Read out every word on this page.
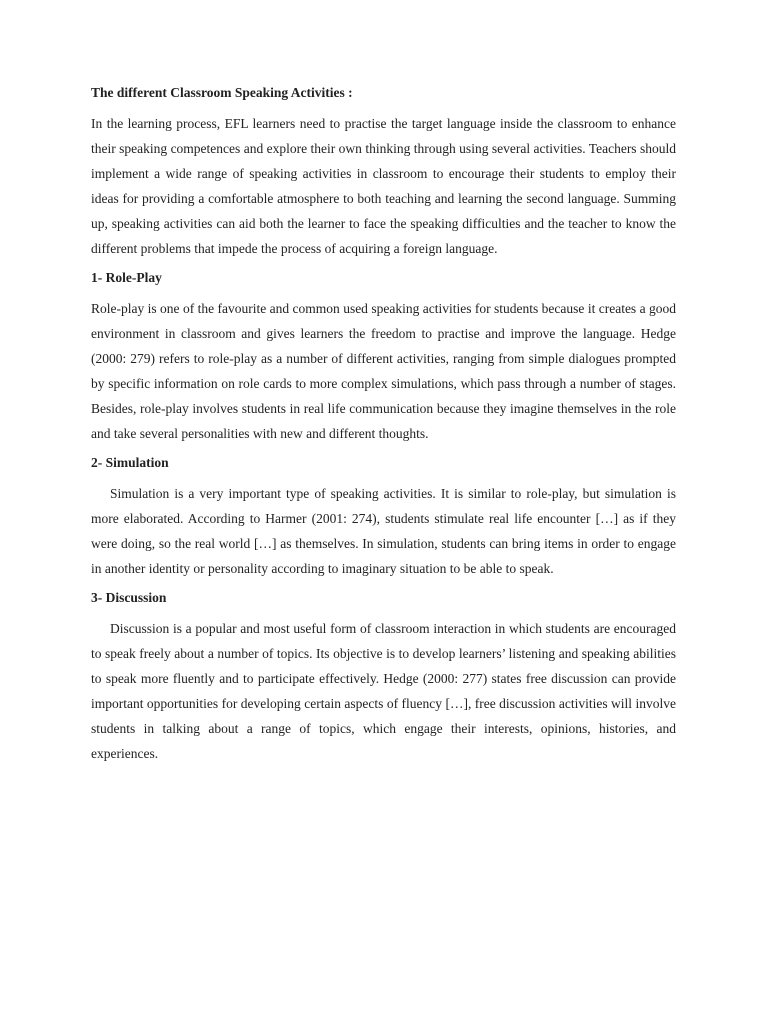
The different Classroom Speaking Activities :

In the learning process, EFL learners need to practise the target language inside the classroom to enhance their speaking competences and explore their own thinking through using several activities. Teachers should implement a wide range of speaking activities in classroom to encourage their students to employ their ideas for providing a comfortable atmosphere to both teaching and learning the second language. Summing up, speaking activities can aid both the learner to face the speaking difficulties and the teacher to know the different problems that impede the process of acquiring a foreign language.

1- Role-Play

Role-play is one of the favourite and common used speaking activities for students because it creates a good environment in classroom and gives learners the freedom to practise and improve the language. Hedge (2000: 279) refers to role-play as a number of different activities, ranging from simple dialogues prompted by specific information on role cards to more complex simulations, which pass through a number of stages. Besides, role-play involves students in real life communication because they imagine themselves in the role and take several personalities with new and different thoughts.

2- Simulation

Simulation is a very important type of speaking activities. It is similar to role-play, but simulation is more elaborated. According to Harmer (2001: 274), students stimulate real life encounter […] as if they were doing, so the real world […] as themselves. In simulation, students can bring items in order to engage in another identity or personality according to imaginary situation to be able to speak.

3- Discussion

Discussion is a popular and most useful form of classroom interaction in which students are encouraged to speak freely about a number of topics. Its objective is to develop learners’ listening and speaking abilities to speak more fluently and to participate effectively. Hedge (2000: 277) states free discussion can provide important opportunities for developing certain aspects of fluency […], free discussion activities will involve students in talking about a range of topics, which engage their interests, opinions, histories, and experiences.
